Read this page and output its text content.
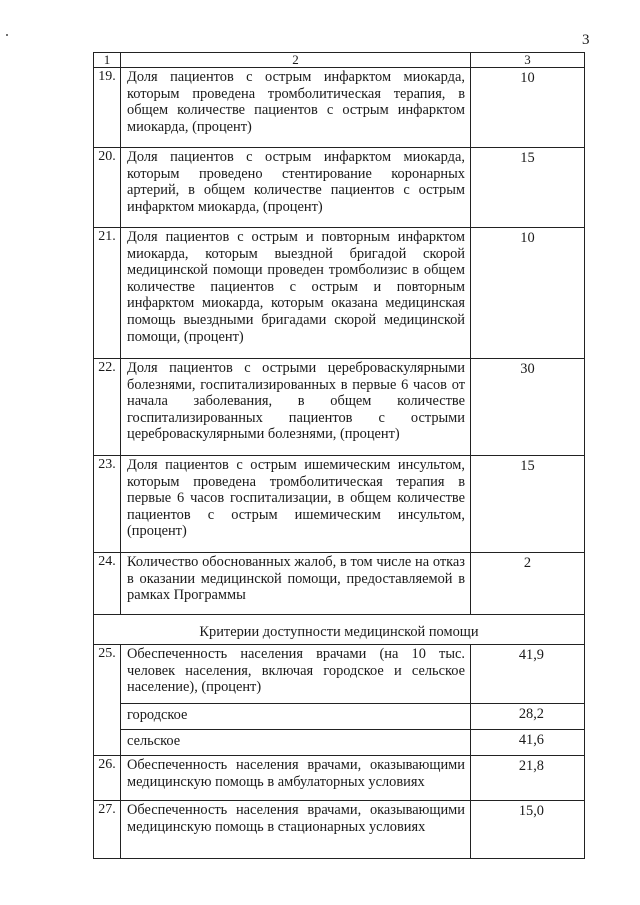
3
1	2	3
19.	Доля пациентов с острым инфарктом миокарда, которым проведена тромболитическая терапия, в общем количестве пациентов с острым инфарктом миокарда, (процент)	10
20.	Доля пациентов с острым инфарктом миокарда, которым проведено стентирование коронарных артерий, в общем количестве пациентов с острым инфарктом миокарда, (процент)	15
21.	Доля пациентов с острым и повторным инфарктом миокарда, которым выездной бригадой скорой медицинской помощи проведен тромболизис в общем количестве пациентов с острым и повторным инфарктом миокарда, которым оказана медицинская помощь выездными бригадами скорой медицинской помощи, (процент)	10
22.	Доля пациентов с острыми цереброваскулярными болезнями, госпитализированных в первые 6 часов от начала заболевания, в общем количестве госпитализированных пациентов с острыми цереброваскулярными болезнями, (процент)	30
23.	Доля пациентов с острым ишемическим инсультом, которым проведена тромболитическая терапия в первые 6 часов госпитализации, в общем количестве пациентов с острым ишемическим инсультом, (процент)	15
24.	Количество обоснованных жалоб, в том числе на отказ в оказании медицинской помощи, предоставляемой в рамках Программы	2
Критерии доступности медицинской помощи		
25.	Обеспеченность населения врачами (на 10 тыс. человек населения, включая городское и сельское население), (процент)	41,9
	городское	28,2
	сельское	41,6
26.	Обеспеченность населения врачами, оказывающими медицинскую помощь в амбулаторных условиях	21,8
27.	Обеспеченность населения врачами, оказывающими медицинскую помощь в стационарных условиях	15,0
